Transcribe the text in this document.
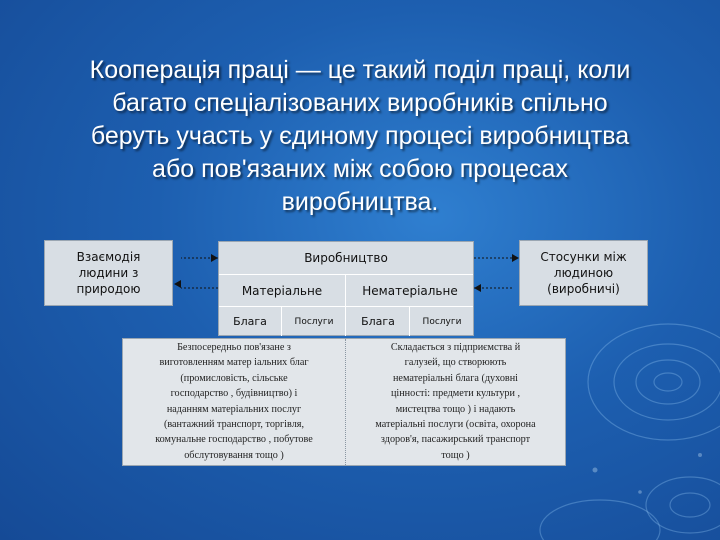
Кооперація праці — це такий поділ праці, коли
багато спеціалізованих виробників спільно
беруть участь у єдиному процесі виробництва
або пов'язаних між собою процесах
виробництва.
Взаємодія
людини з
природою
Стосунки між
людиною
(виробничі)
Виробництво
Матеріальне	Нематеріальне
Блага	Послуги	Блага	Послуги
Безпосередньо пов'язане з
виготовленням матер іальних благ
(промисловість, сільське
господарство , будівництво) і
наданням матеріальних послуг
(вантажний транспорт, торгівля,
комунальне господарство , побутове
обслутовування тощо )
Складається з підприємства й
галузей, що створюють
нематеріальні блага (духовні
цінності: предмети культури ,
мистецтва тощо ) і надають
матеріальні послуги (освіта, охорона
здоров'я, пасажирський транспорт
тощо )
